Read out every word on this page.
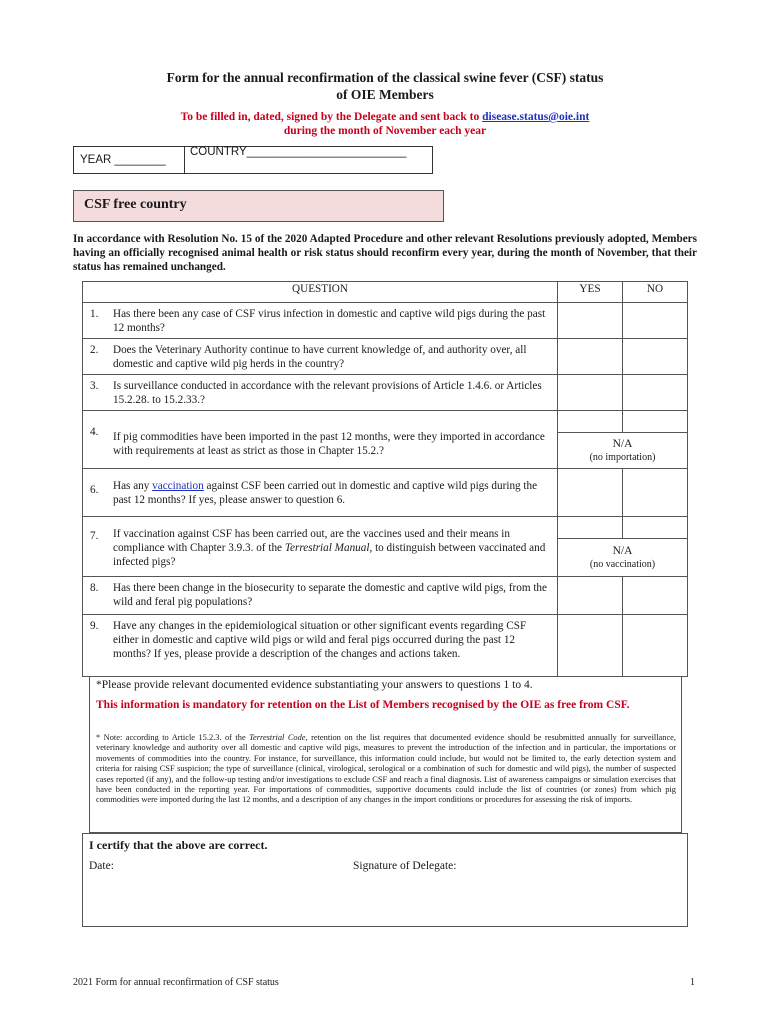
Form for the annual reconfirmation of the classical swine fever (CSF) status
of OIE Members
To be filled in, dated, signed by the Delegate and sent back to disease.status@oie.int
during the month of November each year
YEAR ________
COUNTRY_________________________
CSF free country
In accordance with Resolution No. 15 of the 2020 Adapted Procedure and other relevant Resolutions previously adopted, Members having an officially recognised animal health or risk status should reconfirm every year, during the month of November, that their status has remained unchanged.
QUESTION	YES	NO

1. Has there been any case of CSF virus infection in domestic and captive wild pigs during the past 12 months?		

2. Does the Veterinary Authority continue to have current knowledge of, and authority over, all domestic and captive wild pig herds in the country?		

3. Is surveillance conducted in accordance with the relevant provisions of Article 1.4.6. or Articles 15.2.28. to 15.2.33.?		

4. If pig commodities have been imported in the past 12 months, were they imported in accordance with requirements at least as strict as those in Chapter 15.2.?		

	N/A
(no importation)	

6. Has any vaccination against CSF been carried out in domestic and captive wild pigs during the past 12 months? If yes, please answer to question 6.		

7. If vaccination against CSF has been carried out, are the vaccines used and their means in compliance with Chapter 3.9.3. of the Terrestrial Manual, to distinguish between vaccinated and infected pigs?		

	N/A
(no vaccination)	

8. Has there been change in the biosecurity to separate the domestic and captive wild pigs, from the wild and feral pig populations?		

9. Have any changes in the epidemiological situation or other significant events regarding CSF either in domestic and captive wild pigs or wild and feral pigs occurred during the past 12 months? If yes, please provide a description of the changes and actions taken.		

*Please provide relevant documented evidence substantiating your answers to questions 1 to 4.
This information is mandatory for retention on the List of Members recognised by the OIE as free from CSF.
* Note: according to Article 15.2.3. of the Terrestrial Code, retention on the list requires that documented evidence should be resubmitted annually for surveillance, veterinary knowledge and authority over all domestic and captive wild pigs, measures to prevent the introduction of the infection and in particular, the importations or movements of commodities into the country. For instance, for surveillance, this information could include, but would not be limited to, the early detection system and criteria for raising CSF suspicion; the type of surveillance (clinical, virological, serological or a combination of such for domestic and wild pigs), the number of suspected cases reported (if any), and the follow-up testing and/or investigations to exclude CSF and reach a final diagnosis. List of awareness campaigns or simulation exercises that have been conducted in the reporting year. For importations of commodities, supportive documents could include the list of countries (or zones) from which pig commodities were imported during the last 12 months, and a description of any changes in the import conditions or procedures for assessing the risk of imports.
I certify that the above are correct.
Date:	Signature of Delegate:
2021 Form for annual reconfirmation of CSF status	1
